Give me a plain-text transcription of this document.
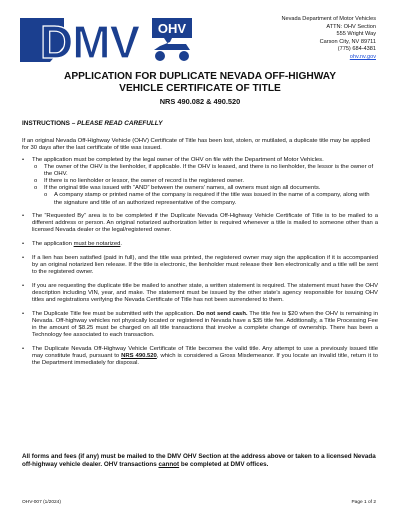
DMV OHV
Nevada Department of Motor Vehicles
ATTN: OHV Section
555 Wright Way
Carson City, NV 89711
(775) 684-4381
ohv.nv.gov
APPLICATION FOR DUPLICATE NEVADA OFF-HIGHWAY
VEHICLE CERTIFICATE OF TITLE
NRS 490.082 & 490.520
INSTRUCTIONS – PLEASE READ CAREFULLY
If an original Nevada Off-Highway Vehicle (OHV) Certificate of Title has been lost, stolen, or mutilated, a duplicate title may be applied for 30 days after the last certificate of title was issued.
• The application must be completed by the legal owner of the OHV on file with the Department of Motor Vehicles.
o The owner of the OHV is the lienholder, if applicable. If the OHV is leased, and there is no lienholder, the lessor is the owner of the OHV.
o If there is no lienholder or lessor, the owner of record is the registered owner.
o If the original title was issued with “AND” between the owners’ names, all owners must sign all documents.
o A company stamp or printed name of the company is required if the title was issued in the name of a company, along with the signature and title of an authorized representative of the company.
• The “Requested By” area is to be completed if the Duplicate Nevada Off-Highway Vehicle Certificate of Title is to be mailed to a different address or person. An original notarized authorization letter is required whenever a title is mailed to someone other than a licensed Nevada dealer or the legal/registered owner.
• The application must be notarized.
• If a lien has been satisfied (paid in full), and the title was printed, the registered owner may sign the application if it is accompanied by an original notarized lien release. If the title is electronic, the lienholder must release their lien electronically and a title will be sent to the registered owner.
• If you are requesting the duplicate title be mailed to another state, a written statement is required. The statement must have the OHV description including VIN, year, and make. The statement must be issued by the other state’s agency responsible for issuing OHV titles and registrations verifying the Nevada Certificate of Title has not been surrendered to them.
• The Duplicate Title fee must be submitted with the application. Do not send cash. The title fee is $20 when the OHV is remaining in Nevada. Off-highway vehicles not physically located or registered in Nevada have a $35 title fee. Additionally, a Title Processing Fee in the amount of $8.25 must be charged on all title transactions that involve a complete change of ownership. There has been a Technology fee associated to each transaction.
• The Duplicate Nevada Off-Highway Vehicle Certificate of Title becomes the valid title. Any attempt to use a previously issued title may constitute fraud, pursuant to NRS 490.520, which is considered a Gross Misdemeanor. If you locate an invalid title, return it to the Department immediately for disposal.
All forms and fees (if any) must be mailed to the DMV OHV Section at the address above or taken to a licensed Nevada off-highway vehicle dealer. OHV transactions cannot be completed at DMV offices.
OHV-007 (1/2024)	Page 1 of 2
